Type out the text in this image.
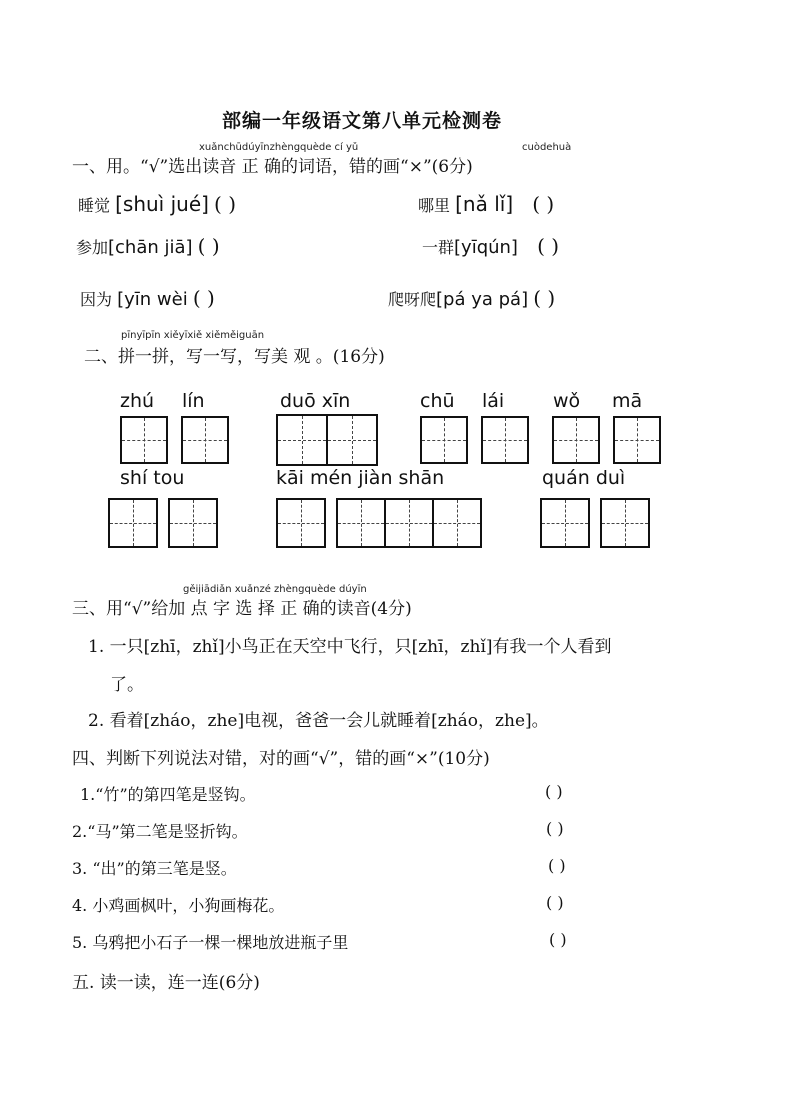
部编一年级语文第八单元检测卷
xuǎnchūdúyīnzhèngquède cí yǔ	cuòdehuà
一、用。“√”选出读音 正 确的词语，错的画“×”(6分)
睡觉 [shuì jué] ( )	哪里 [nǎ lǐ] ( )
参加[chān jiā] ( )	一群[yīqún] ( )
因为 [yīn wèi ( )	爬呀爬[pá ya pá] ( )
pīnyīpīn xiěyīxiě xiěměiguān
二、拼一拼，写一写，写美 观 。(16分)
zhú lín	duō xīn	chū lái	wǒ mā
shí tou	kāi mén jiàn shān	quán duì
gěijiādiǎn xuǎnzé zhèngquède dúyīn
三、用“√”给加 点 字 选 择 正 确的读音(4分)
1. 一只[zhī，zhǐ]小鸟正在天空中飞行，只[zhī，zhǐ]有我一个人看到
了。
2. 看着[zháo，zhe]电视，爸爸一会儿就睡着[zháo，zhe]。
四、判断下列说法对错，对的画“√”，错的画“×”(10分)
1.“竹”的第四笔是竖钩。	( )
2.“马”第二笔是竖折钩。	( )
3. “出”的第三笔是竖。	( )
4. 小鸡画枫叶，小狗画梅花。	( )
5. 乌鸦把小石子一棵一棵地放进瓶子里	( )
五. 读一读，连一连(6分)
